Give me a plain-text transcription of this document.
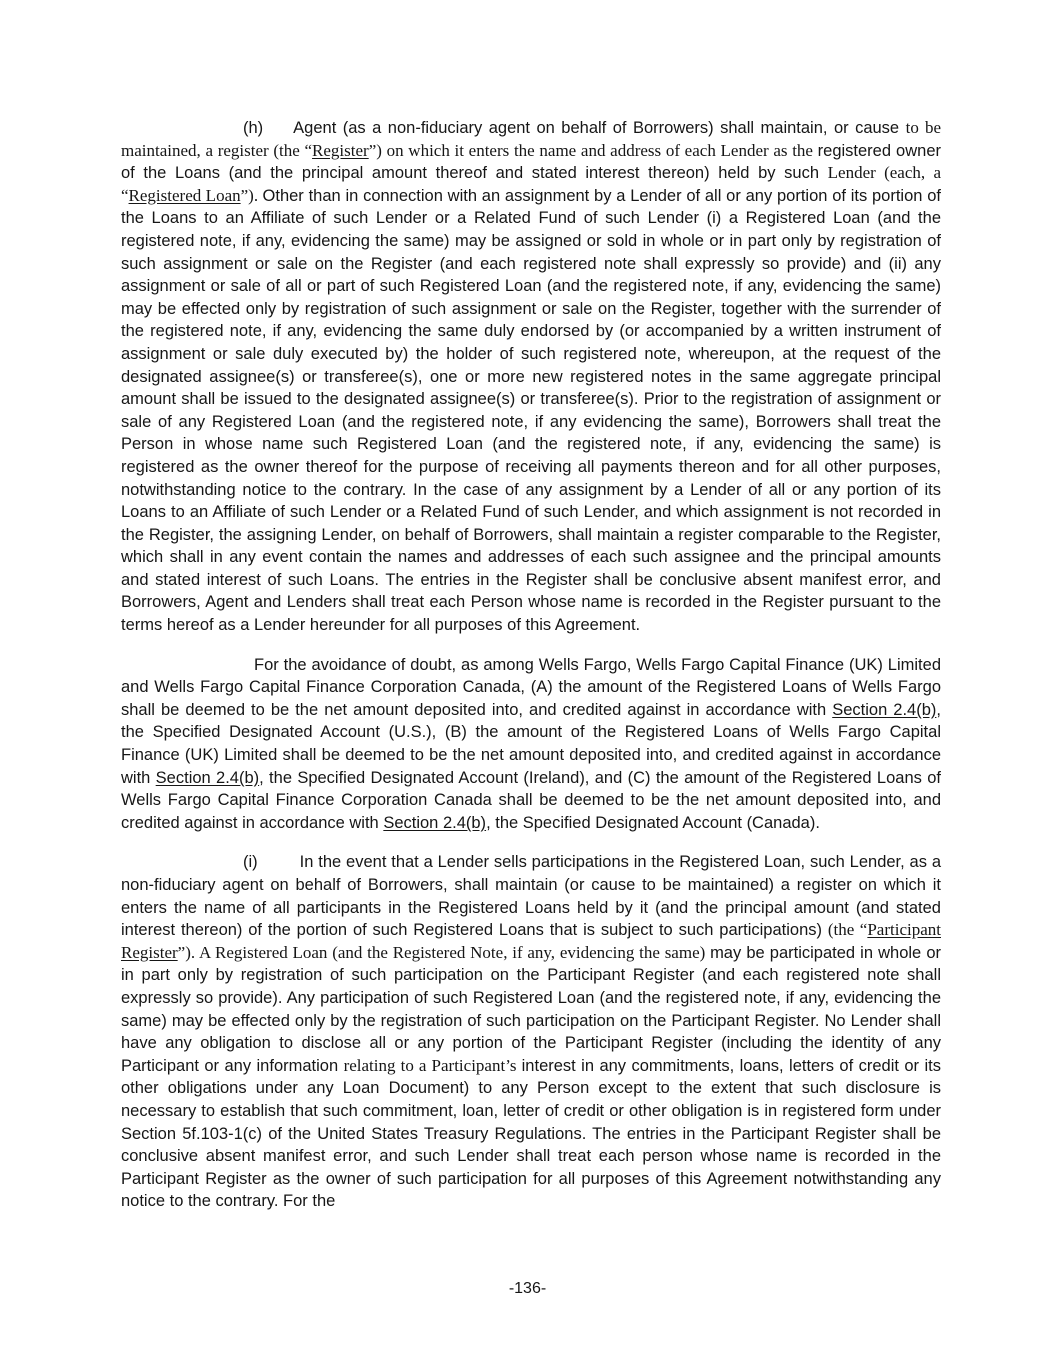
(h) Agent (as a non-fiduciary agent on behalf of Borrowers) shall maintain, or cause to be maintained, a register (the “Register”) on which it enters the name and address of each Lender as the registered owner of the Loans (and the principal amount thereof and stated interest thereon) held by such Lender (each, a “Registered Loan”). Other than in connection with an assignment by a Lender of all or any portion of its portion of the Loans to an Affiliate of such Lender or a Related Fund of such Lender (i) a Registered Loan (and the registered note, if any, evidencing the same) may be assigned or sold in whole or in part only by registration of such assignment or sale on the Register (and each registered note shall expressly so provide) and (ii) any assignment or sale of all or part of such Registered Loan (and the registered note, if any, evidencing the same) may be effected only by registration of such assignment or sale on the Register, together with the surrender of the registered note, if any, evidencing the same duly endorsed by (or accompanied by a written instrument of assignment or sale duly executed by) the holder of such registered note, whereupon, at the request of the designated assignee(s) or transferee(s), one or more new registered notes in the same aggregate principal amount shall be issued to the designated assignee(s) or transferee(s). Prior to the registration of assignment or sale of any Registered Loan (and the registered note, if any evidencing the same), Borrowers shall treat the Person in whose name such Registered Loan (and the registered note, if any, evidencing the same) is registered as the owner thereof for the purpose of receiving all payments thereon and for all other purposes, notwithstanding notice to the contrary. In the case of any assignment by a Lender of all or any portion of its Loans to an Affiliate of such Lender or a Related Fund of such Lender, and which assignment is not recorded in the Register, the assigning Lender, on behalf of Borrowers, shall maintain a register comparable to the Register, which shall in any event contain the names and addresses of each such assignee and the principal amounts and stated interest of such Loans. The entries in the Register shall be conclusive absent manifest error, and Borrowers, Agent and Lenders shall treat each Person whose name is recorded in the Register pursuant to the terms hereof as a Lender hereunder for all purposes of this Agreement.

For the avoidance of doubt, as among Wells Fargo, Wells Fargo Capital Finance (UK) Limited and Wells Fargo Capital Finance Corporation Canada, (A) the amount of the Registered Loans of Wells Fargo shall be deemed to be the net amount deposited into, and credited against in accordance with Section 2.4(b), the Specified Designated Account (U.S.), (B) the amount of the Registered Loans of Wells Fargo Capital Finance (UK) Limited shall be deemed to be the net amount deposited into, and credited against in accordance with Section 2.4(b), the Specified Designated Account (Ireland), and (C) the amount of the Registered Loans of Wells Fargo Capital Finance Corporation Canada shall be deemed to be the net amount deposited into, and credited against in accordance with Section 2.4(b), the Specified Designated Account (Canada).

(i)	In the event that a Lender sells participations in the Registered Loan, such Lender, as a non-fiduciary agent on behalf of Borrowers, shall maintain (or cause to be maintained) a register on which it enters the name of all participants in the Registered Loans held by it (and the principal amount (and stated interest thereon) of the portion of such Registered Loans that is subject to such participations) (the “Participant Register”). A Registered Loan (and the Registered Note, if any, evidencing the same) may be participated in whole or in part only by registration of such participation on the Participant Register (and each registered note shall expressly so provide). Any participation of such Registered Loan (and the registered note, if any, evidencing the same) may be effected only by the registration of such participation on the Participant Register. No Lender shall have any obligation to disclose all or any portion of the Participant Register (including the identity of any Participant or any information relating to a Participant’s interest in any commitments, loans, letters of credit or its other obligations under any Loan Document) to any Person except to the extent that such disclosure is necessary to establish that such commitment, loan, letter of credit or other obligation is in registered form under Section 5f.103-1(c) of the United States Treasury Regulations. The entries in the Participant Register shall be conclusive absent manifest error, and such Lender shall treat each person whose name is recorded in the Participant Register as the owner of such participation for all purposes of this Agreement notwithstanding any notice to the contrary. For the

-136-
